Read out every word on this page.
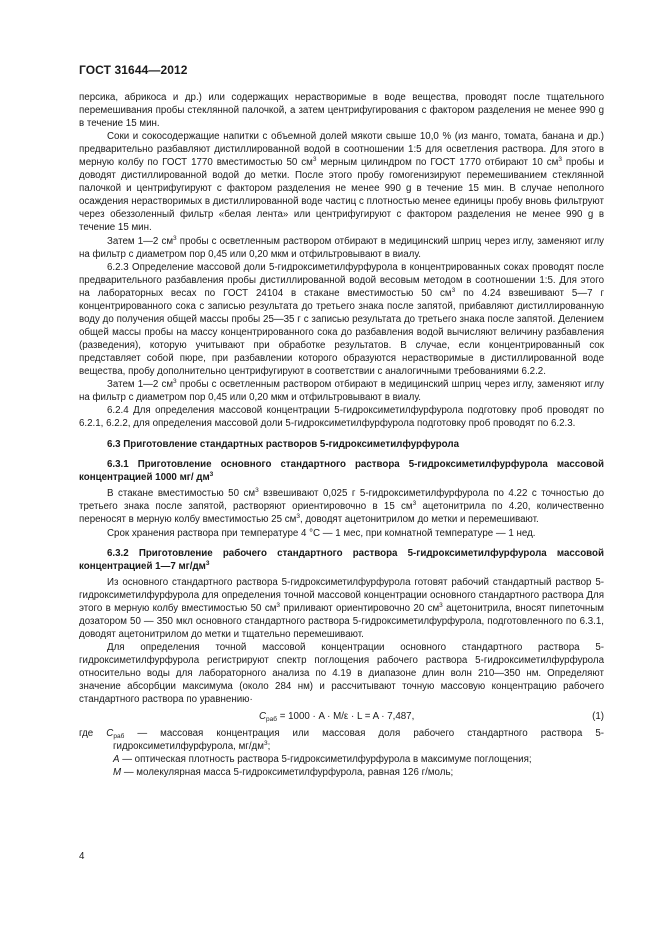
ГОСТ 31644—2012

персика, абрикоса и др.) или содержащих нерастворимые в воде вещества, проводят после тщательного перемешивания пробы стеклянной палочкой, а затем центрифугирования с фактором разделения не менее 990 g в течение 15 мин.

Соки и сокосодержащие напитки с объемной долей мякоти свыше 10,0 % (из манго, томата, банана и др.) предварительно разбавляют дистиллированной водой в соотношении 1:5 для осветления раствора. Для этого в мерную колбу по ГОСТ 1770 вместимостью 50 $см^3$ мерным цилиндром по ГОСТ 1770 отбирают 10 $см^3$ пробы и доводят дистиллированной водой до метки. После этого пробу гомогенизируют перемешиванием стеклянной палочкой и центрифугируют с фактором разделения не менее 990 g в течение 15 мин. В случае неполного осаждения нерастворимых в дистиллированной воде частиц с плотностью менее единицы пробу вновь фильтруют через обеззоленный фильтр «белая лента» или центрифугируют с фактором разделения не менее 990 g в течение 15 мин.

Затем 1—2 $см^3$ пробы с осветленным раствором отбирают в медицинский шприц через иглу, заменяют иглу на фильтр с диаметром пор 0,45 или 0,20 мкм и отфильтровывают в виалу.

6.2.3 Определение массовой доли 5-гидроксиметилфурфурола в концентрированных соках проводят после предварительного разбавления пробы дистиллированной водой весовым методом в соотношении 1:5. Для этого на лабораторных весах по ГОСТ 24104 в стакане вместимостью 50 $см^3$ по 4.24 взвешивают 5—7 г концентрированного сока с записью результата до третьего знака после запятой, прибавляют дистиллированную воду до получения общей массы пробы 25—35 г с записью результата до третьего знака после запятой. Делением общей массы пробы на массу концентрированного сока до разбавления водой вычисляют величину разбавления (разведения), которую учитывают при обработке результатов. В случае, если концентрированный сок представляет собой пюре, при разбавлении которого образуются нерастворимые в дистиллированной воде вещества, пробу дополнительно центрифугируют в соответствии с аналогичными требованиями 6.2.2.

Затем 1—2 $см^3$ пробы с осветленным раствором отбирают в медицинский шприц через иглу, заменяют иглу на фильтр с диаметром пор 0,45 или 0,20 мкм и отфильтровывают в виалу.

6.2.4 Для определения массовой концентрации 5-гидроксиметилфурфурола подготовку проб проводят по 6.2.1, 6.2.2, для определения массовой доли 5-гидроксиметилфурфурола подготовку проб проводят по 6.2.3.

6.3 Приготовление стандартных растворов 5-гидроксиметилфурфурола
6.3.1 Приготовление основного стандартного раствора 5-гидроксиметилфурфурола массовой концентрацией 1000 мг/ $дм^3$

В стакане вместимостью 50 $см^3$ взвешивают 0,025 г 5-гидроксиметилфурфурола по 4.22 с точностью до третьего знака после запятой, растворяют ориентировочно в 15 $см^3$ ацетонитрила по 4.20, количественно переносят в мерную колбу вместимостью 25 $см^3$, доводят ацетонитрилом до метки и перемешивают.

Срок хранения раствора при температуре 4 °С — 1 мес, при комнатной температуре — 1 нед.

6.3.2 Приготовление рабочего стандартного раствора 5-гидроксиметилфурфурола массовой концентрацией 1—7 $мг/дм^3$

Из основного стандартного раствора 5-гидроксиметилфурфурола готовят рабочий стандартный раствор 5-гидроксиметилфурфурола для определения точной массовой концентрации основного стандартного раствора Для этого в мерную колбу вместимостью 50 $см^3$ приливают ориентировочно 20 $см^3$ ацетонитрила, вносят пипеточным дозатором 50 — 350 мкл основного стандартного раствора 5-гидроксиметилфурфурола, подготовленного по 6.3.1, доводят ацетонитрилом до метки и тщательно перемешивают.

Для определения точной массовой концентрации основного стандартного раствора 5-гидроксиметилфурфурола регистрируют спектр поглощения рабочего раствора 5-гидроксиметилфурфурола относительно воды для лабораторного анализа по 4.19 в диапазоне длин волн 210—350 нм. Определяют значение абсорбции максимума (около 284 нм) и рассчитывают точную массовую концентрацию рабочего стандартного раствора по уравнению·

$C_{раб} = 1000 \cdot A \cdot M/\varepsilon \cdot L = A \cdot 7,487$,	(1)

где $C_{раб}$ — массовая концентрация или массовая доля рабочего стандартного раствора 5-гидроксиметилфурфурола, $мг/дм^3$;

A — оптическая плотность раствора 5-гидроксиметилфурфурола в максимуме поглощения;

M — молекулярная масса 5-гидроксиметилфурфурола, равная 126 г/моль;

4
